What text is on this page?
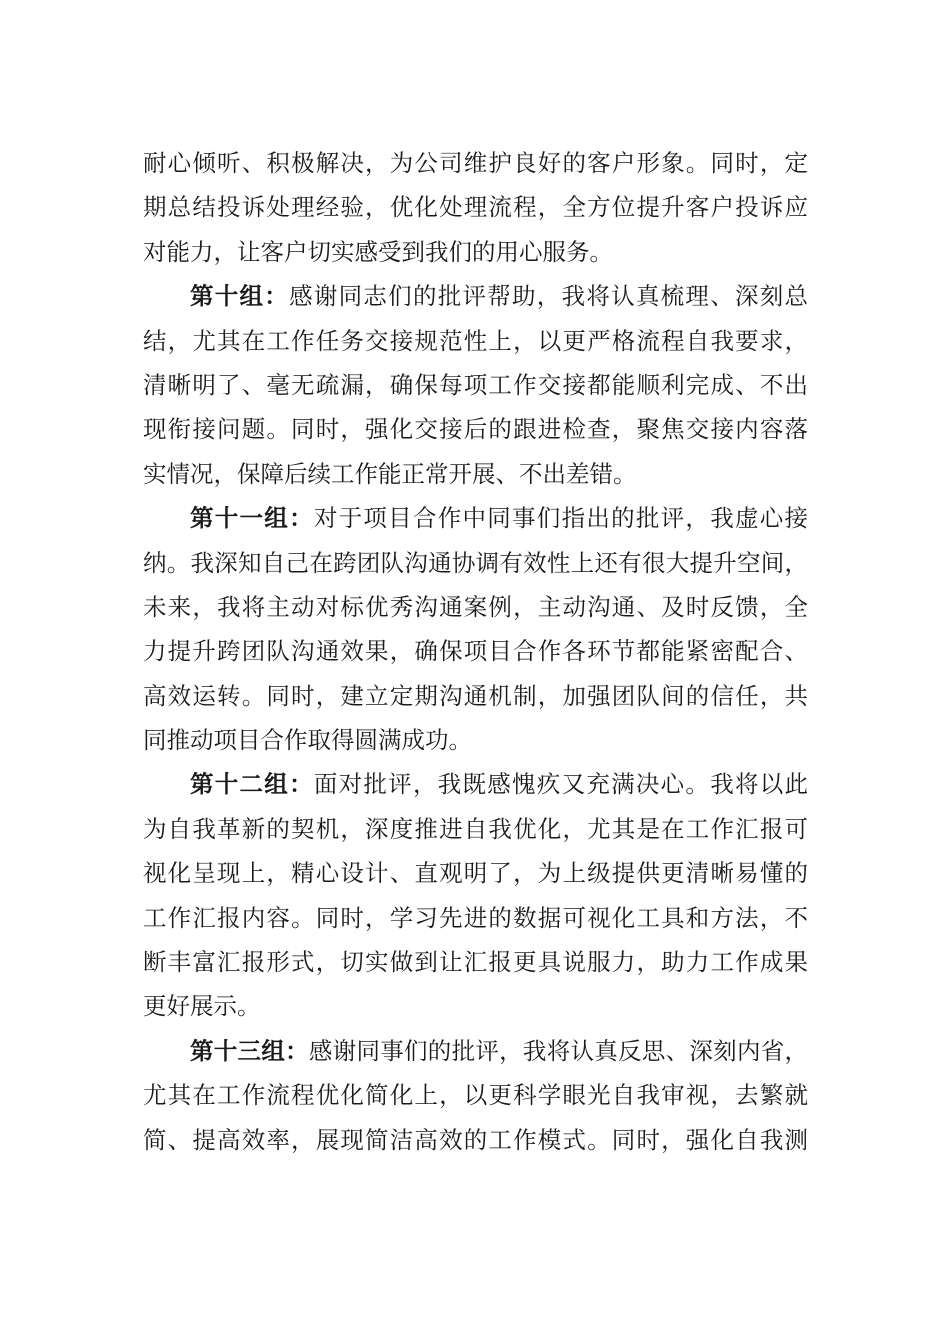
耐心倾听、积极解决，为公司维护良好的客户形象。同时，定
期总结投诉处理经验，优化处理流程，全方位提升客户投诉应
对能力，让客户切实感受到我们的用心服务。
第十组：感谢同志们的批评帮助，我将认真梳理、深刻总
结，尤其在工作任务交接规范性上，以更严格流程自我要求，
清晰明了、毫无疏漏，确保每项工作交接都能顺利完成、不出
现衔接问题。同时，强化交接后的跟进检查，聚焦交接内容落
实情况，保障后续工作能正常开展、不出差错。
第十一组：对于项目合作中同事们指出的批评，我虚心接
纳。我深知自己在跨团队沟通协调有效性上还有很大提升空间，
未来，我将主动对标优秀沟通案例，主动沟通、及时反馈，全
力提升跨团队沟通效果，确保项目合作各环节都能紧密配合、
高效运转。同时，建立定期沟通机制，加强团队间的信任，共
同推动项目合作取得圆满成功。
第十二组：面对批评，我既感愧疚又充满决心。我将以此
为自我革新的契机，深度推进自我优化，尤其是在工作汇报可
视化呈现上，精心设计、直观明了，为上级提供更清晰易懂的
工作汇报内容。同时，学习先进的数据可视化工具和方法，不
断丰富汇报形式，切实做到让汇报更具说服力，助力工作成果
更好展示。
第十三组：感谢同事们的批评，我将认真反思、深刻内省，
尤其在工作流程优化简化上，以更科学眼光自我审视，去繁就
简、提高效率，展现简洁高效的工作模式。同时，强化自我测
